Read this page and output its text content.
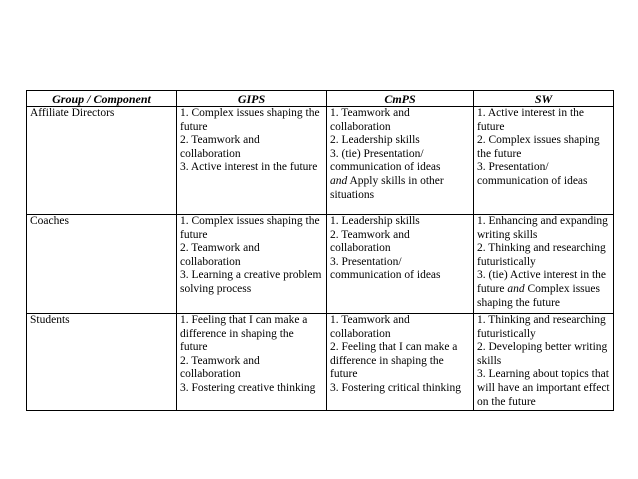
Group / Component	GIPS	CmPS	SW

Affiliate Directors	1. Complex issues shaping the future
2. Teamwork and collaboration
3. Active interest in the future	1. Teamwork and collaboration
2. Leadership skills
3. (tie) Presentation/ communication of ideas
and Apply skills in other situations	1. Active interest in the future
2. Complex issues shaping the future
3. Presentation/ communication of ideas

Coaches	1. Complex issues shaping the future
2. Teamwork and collaboration
3. Learning a creative problem solving process	1. Leadership skills
2. Teamwork and collaboration
3. Presentation/ communication of ideas	1. Enhancing and expanding writing skills
2. Thinking and researching futuristically
3. (tie) Active interest in the future and Complex issues shaping the future

Students	1. Feeling that I can make a difference in shaping the future
2. Teamwork and collaboration
3. Fostering creative thinking	1. Teamwork and collaboration
2. Feeling that I can make a difference in shaping the future
3. Fostering critical thinking	1. Thinking and researching futuristically
2. Developing better writing skills
3. Learning about topics that will have an important effect on the future
